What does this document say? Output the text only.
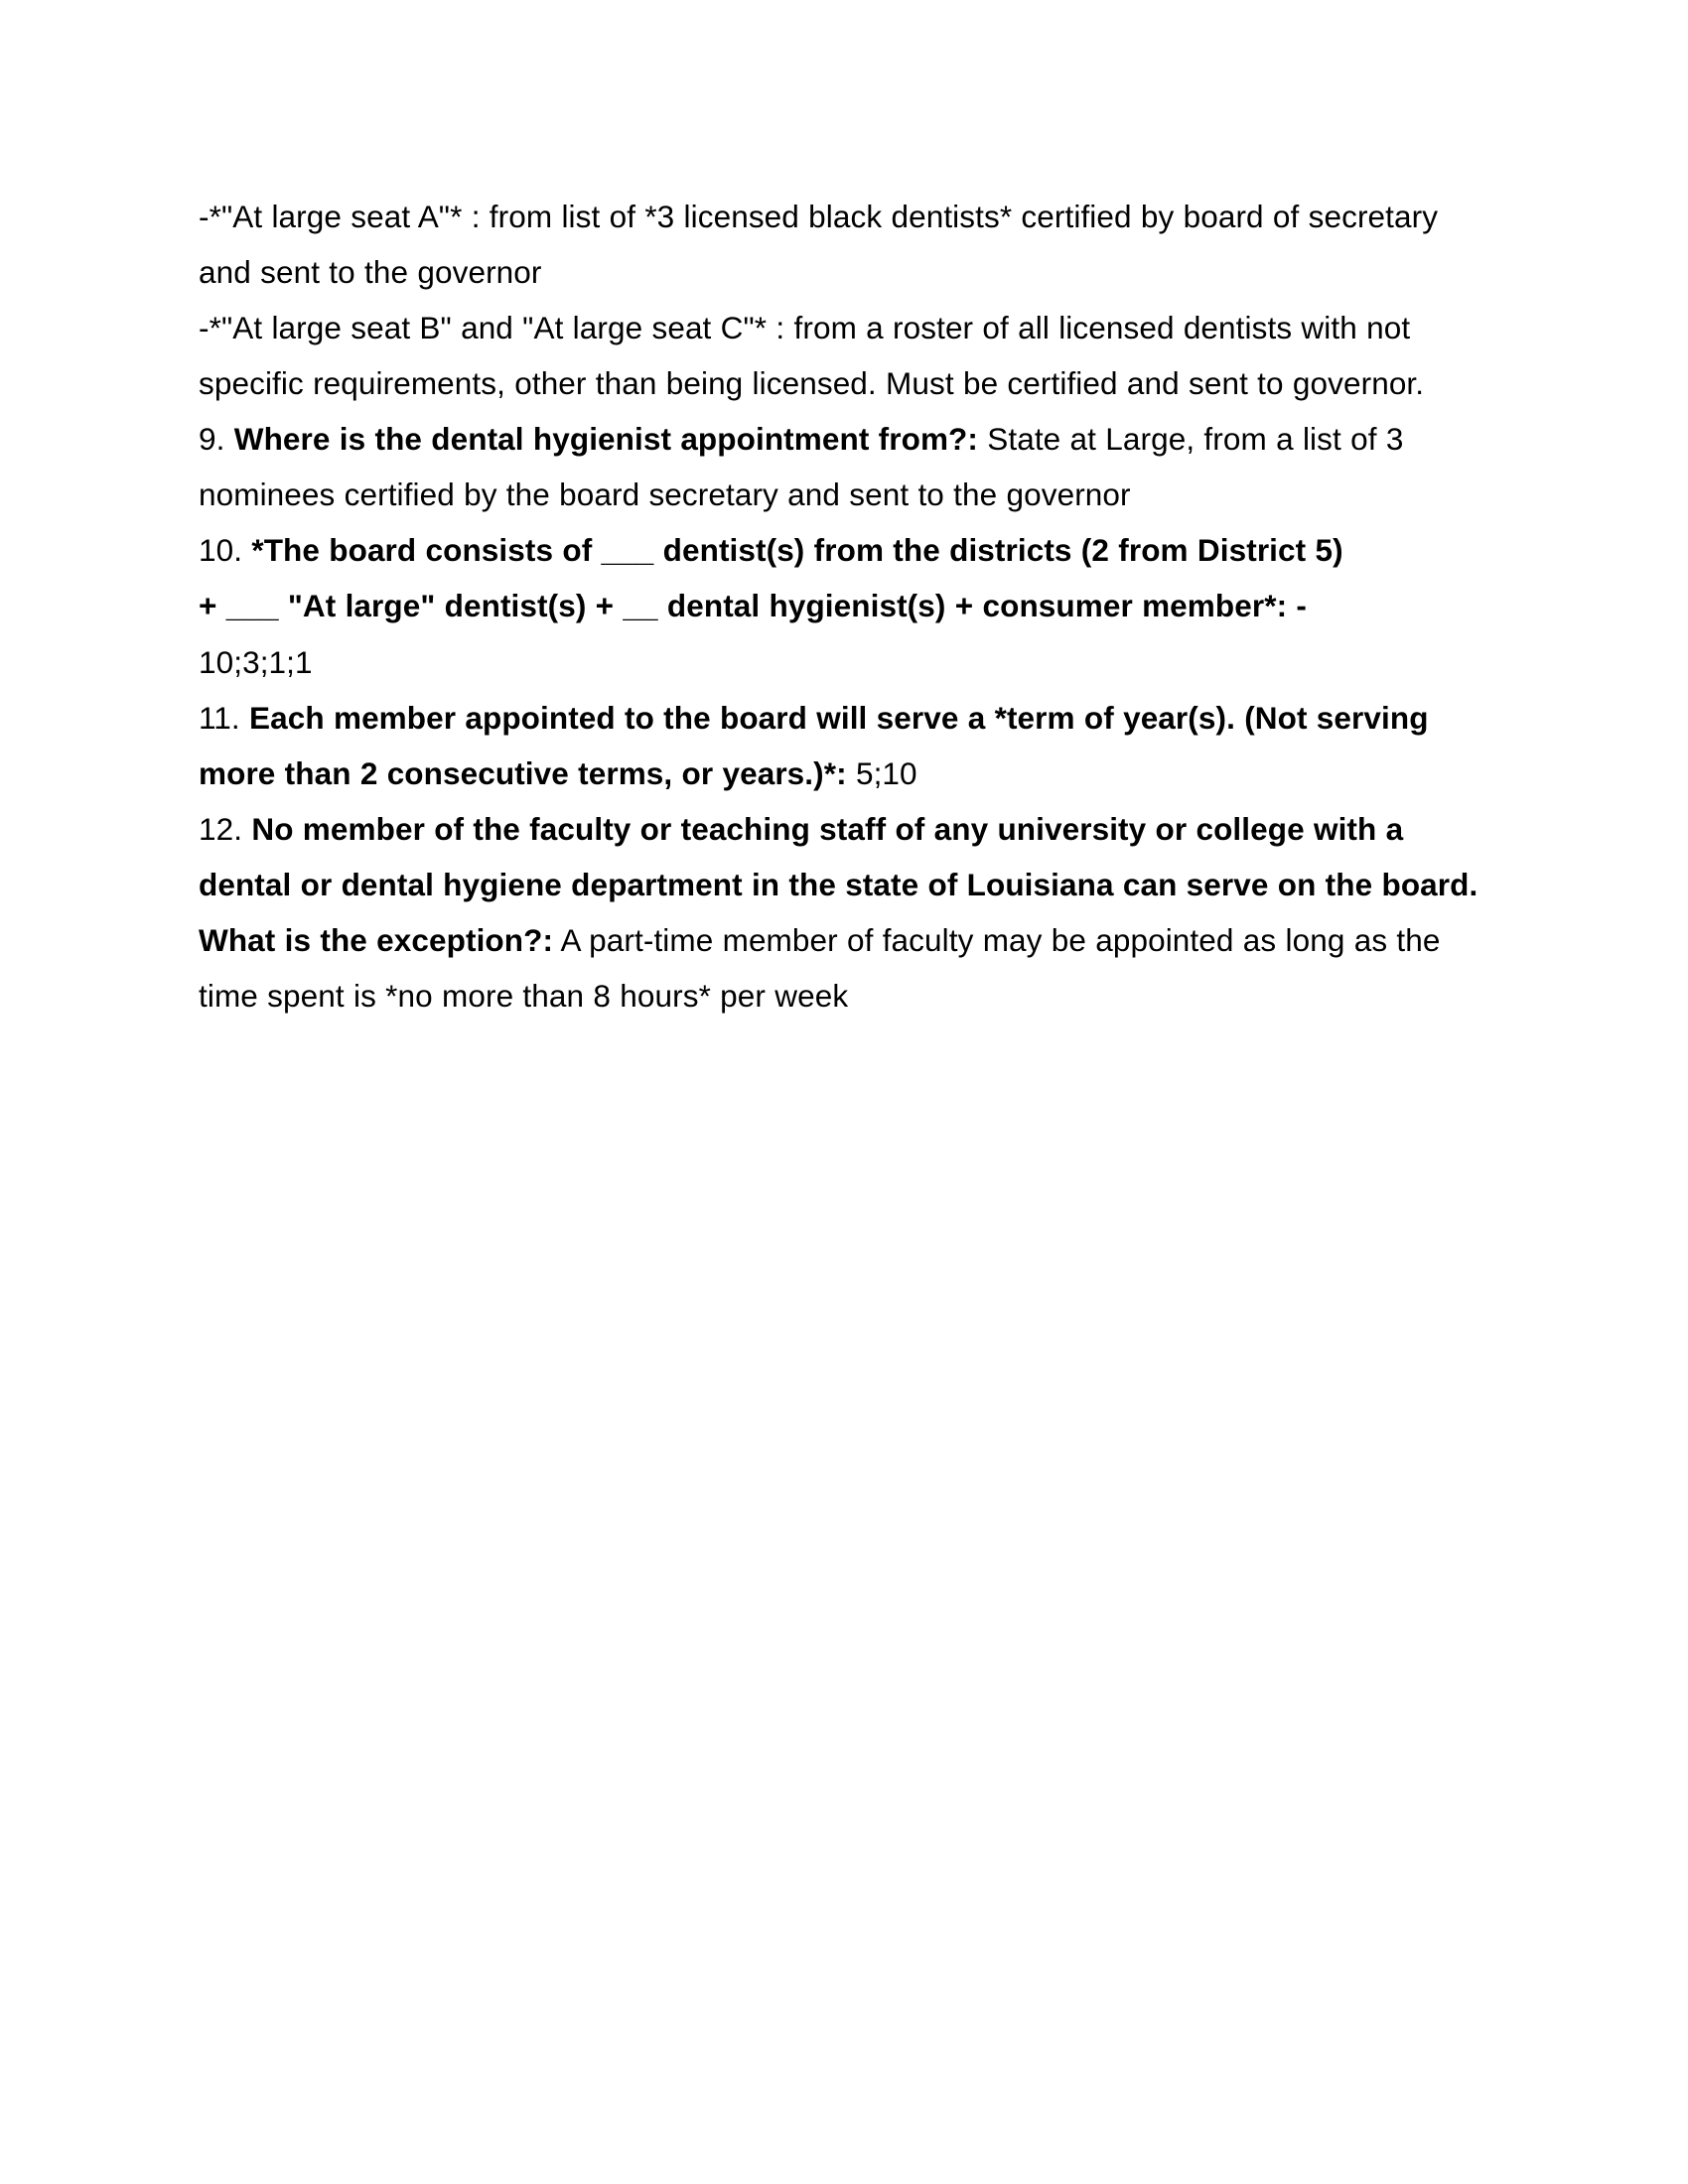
-*"At large seat A"* : from list of *3 licensed black dentists* certified by board of secretary and sent to the governor

-*"At large seat B" and "At large seat C"* : from a roster of all licensed dentists with not specific requirements, other than being licensed. Must be certified and sent to governor.

9. Where is the dental hygienist appointment from?: State at Large, from a list of 3 nominees certified by the board secretary and sent to the governor

10. *The board consists of ___ dentist(s) from the districts (2 from District 5)

+ ___ "At large" dentist(s) + __ dental hygienist(s) + consumer member*: -

10;3;1;1

11. Each member appointed to the board will serve a *term of year(s). (Not serving more than 2 consecutive terms, or years.)*: 5;10

12. No member of the faculty or teaching staff of any university or college with a dental or dental hygiene department in the state of Louisiana can serve on the board. What is the exception?: A part-time member of faculty may be appointed as long as the time spent is *no more than 8 hours* per week
